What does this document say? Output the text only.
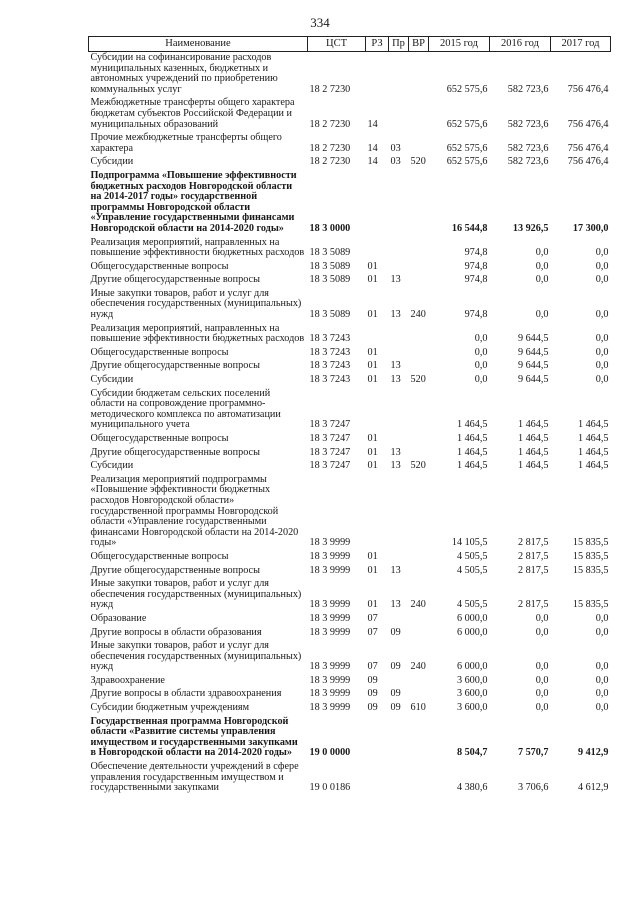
334
Наименование	ЦСТ	РЗ	Пр	ВР	2015 год	2016 год	2017 год
Субсидии на софинансирование расходов муниципальных казенных, бюджетных и автономных учреждений по приобретению коммунальных услуг	18 2 7230				652 575,6	582 723,6	756 476,4
Межбюджетные трансферты общего характера бюджетам субъектов Российской Федерации и муниципальных образований	18 2 7230	14			652 575,6	582 723,6	756 476,4
Прочие межбюджетные трансферты общего характера	18 2 7230	14	03		652 575,6	582 723,6	756 476,4
Субсидии	18 2 7230	14	03	520	652 575,6	582 723,6	756 476,4
Подпрограмма «Повышение эффективности бюджетных расходов Новгородской области на 2014-2017 годы» государственной программы Новгородской области «Управление государственными финансами Новгородской области на 2014-2020 годы»	18 3 0000				16 544,8	13 926,5	17 300,0
Реализация мероприятий, направленных на повышение эффективности бюджетных расходов	18 3 5089				974,8	0,0	0,0
Общегосударственные вопросы	18 3 5089	01			974,8	0,0	0,0
Другие общегосударственные вопросы	18 3 5089	01	13		974,8	0,0	0,0
Иные закупки товаров, работ и услуг для обеспечения государственных (муниципальных) нужд	18 3 5089	01	13	240	974,8	0,0	0,0
Реализация мероприятий, направленных на повышение эффективности бюджетных расходов	18 3 7243				0,0	9 644,5	0,0
Общегосударственные вопросы	18 3 7243	01			0,0	9 644,5	0,0
Другие общегосударственные вопросы	18 3 7243	01	13		0,0	9 644,5	0,0
Субсидии	18 3 7243	01	13	520	0,0	9 644,5	0,0
Субсидии бюджетам сельских поселений области на сопровождение программно-методического комплекса по автоматизации муниципального учета	18 3 7247				1 464,5	1 464,5	1 464,5
Общегосударственные вопросы	18 3 7247	01			1 464,5	1 464,5	1 464,5
Другие общегосударственные вопросы	18 3 7247	01	13		1 464,5	1 464,5	1 464,5
Субсидии	18 3 7247	01	13	520	1 464,5	1 464,5	1 464,5
Реализация мероприятий подпрограммы «Повышение эффективности бюджетных расходов Новгородской области» государственной программы Новгородской области «Управление государственными финансами Новгородской области на 2014-2020 годы»	18 3 9999				14 105,5	2 817,5	15 835,5
Общегосударственные вопросы	18 3 9999	01			4 505,5	2 817,5	15 835,5
Другие общегосударственные вопросы	18 3 9999	01	13		4 505,5	2 817,5	15 835,5
Иные закупки товаров, работ и услуг для обеспечения государственных (муниципальных) нужд	18 3 9999	01	13	240	4 505,5	2 817,5	15 835,5
Образование	18 3 9999	07			6 000,0	0,0	0,0
Другие вопросы в области образования	18 3 9999	07	09		6 000,0	0,0	0,0
Иные закупки товаров, работ и услуг для обеспечения государственных (муниципальных) нужд	18 3 9999	07	09	240	6 000,0	0,0	0,0
Здравоохранение	18 3 9999	09			3 600,0	0,0	0,0
Другие вопросы в области здравоохранения	18 3 9999	09	09		3 600,0	0,0	0,0
Субсидии бюджетным учреждениям	18 3 9999	09	09	610	3 600,0	0,0	0,0
Государственная программа Новгородской области «Развитие системы управления имуществом и государственными закупками в Новгородской области на 2014-2020 годы»	19 0 0000				8 504,7	7 570,7	9 412,9
Обеспечение деятельности учреждений в сфере управления государственным имуществом и государственными закупками	19 0 0186				4 380,6	3 706,6	4 612,9
